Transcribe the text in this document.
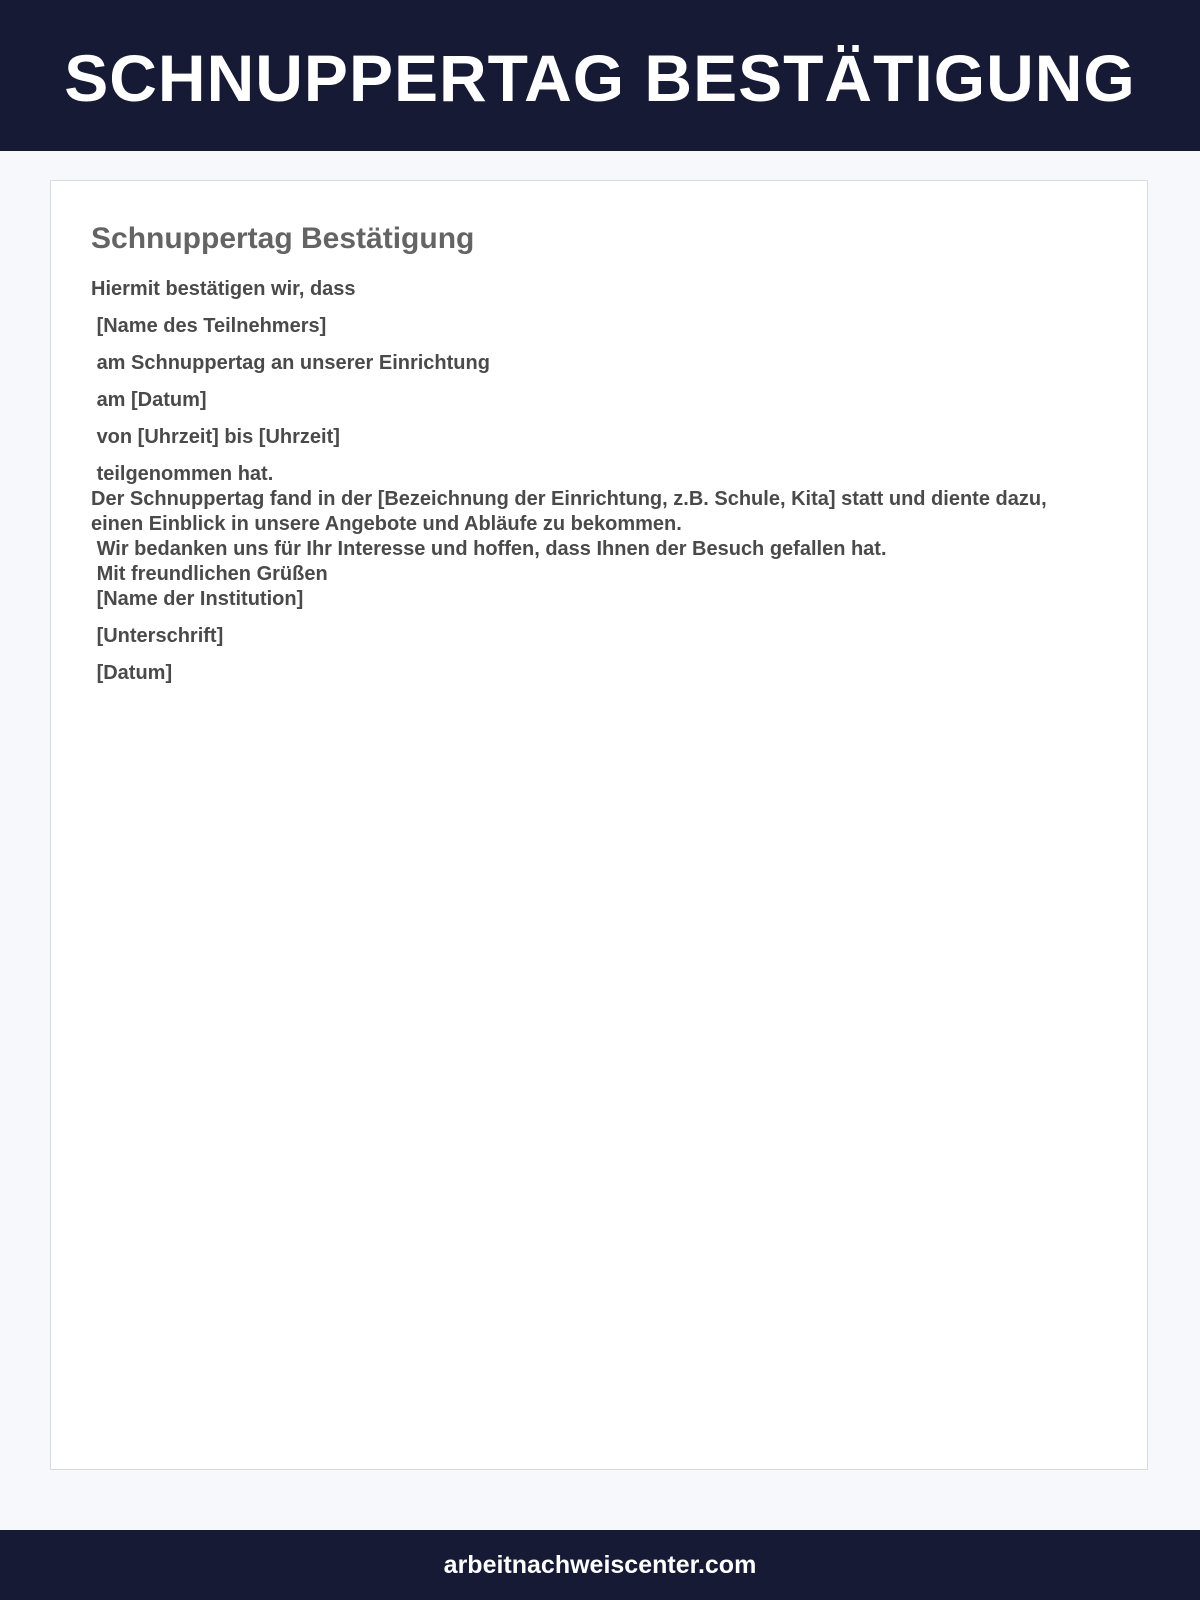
SCHNUPPERTAG BESTÄTIGUNG
Schnuppertag Bestätigung

Hiermit bestätigen wir, dass

[Name des Teilnehmers]

am Schnuppertag an unserer Einrichtung

am [Datum]

von [Uhrzeit] bis [Uhrzeit]

teilgenommen hat.

Der Schnuppertag fand in der [Bezeichnung der Einrichtung, z.B. Schule, Kita] statt und diente dazu, einen Einblick in unsere Angebote und Abläufe zu bekommen.

Wir bedanken uns für Ihr Interesse und hoffen, dass Ihnen der Besuch gefallen hat.

Mit freundlichen Grüßen

[Name der Institution]

[Unterschrift]

[Datum]

arbeitnachweiscenter.com
